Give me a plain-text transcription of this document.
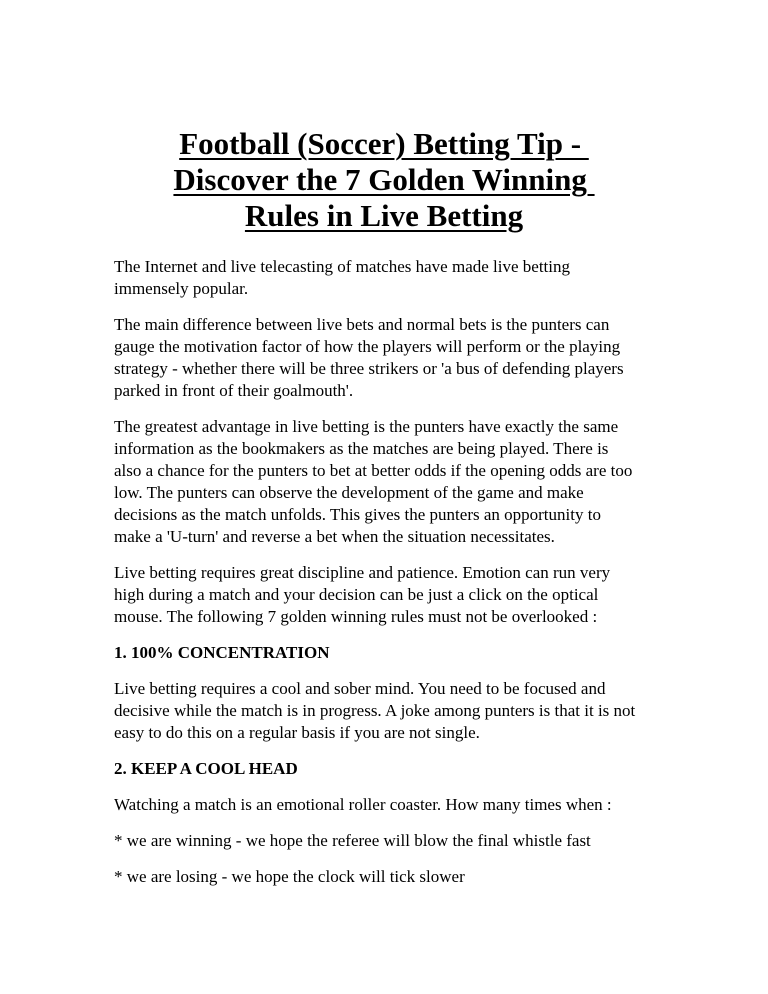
Football (Soccer) Betting Tip -
Discover the 7 Golden Winning
Rules in Live Betting

The Internet and live telecasting of matches have made live betting
immensely popular.

The main difference between live bets and normal bets is the punters can
gauge the motivation factor of how the players will perform or the playing
strategy - whether there will be three strikers or 'a bus of defending players
parked in front of their goalmouth'.

The greatest advantage in live betting is the punters have exactly the same
information as the bookmakers as the matches are being played. There is
also a chance for the punters to bet at better odds if the opening odds are too
low. The punters can observe the development of the game and make
decisions as the match unfolds. This gives the punters an opportunity to
make a 'U-turn' and reverse a bet when the situation necessitates.

Live betting requires great discipline and patience. Emotion can run very
high during a match and your decision can be just a click on the optical
mouse. The following 7 golden winning rules must not be overlooked :

1. 100% CONCENTRATION

Live betting requires a cool and sober mind. You need to be focused and
decisive while the match is in progress. A joke among punters is that it is not
easy to do this on a regular basis if you are not single.

2. KEEP A COOL HEAD

Watching a match is an emotional roller coaster. How many times when :

* we are winning - we hope the referee will blow the final whistle fast

* we are losing - we hope the clock will tick slower
